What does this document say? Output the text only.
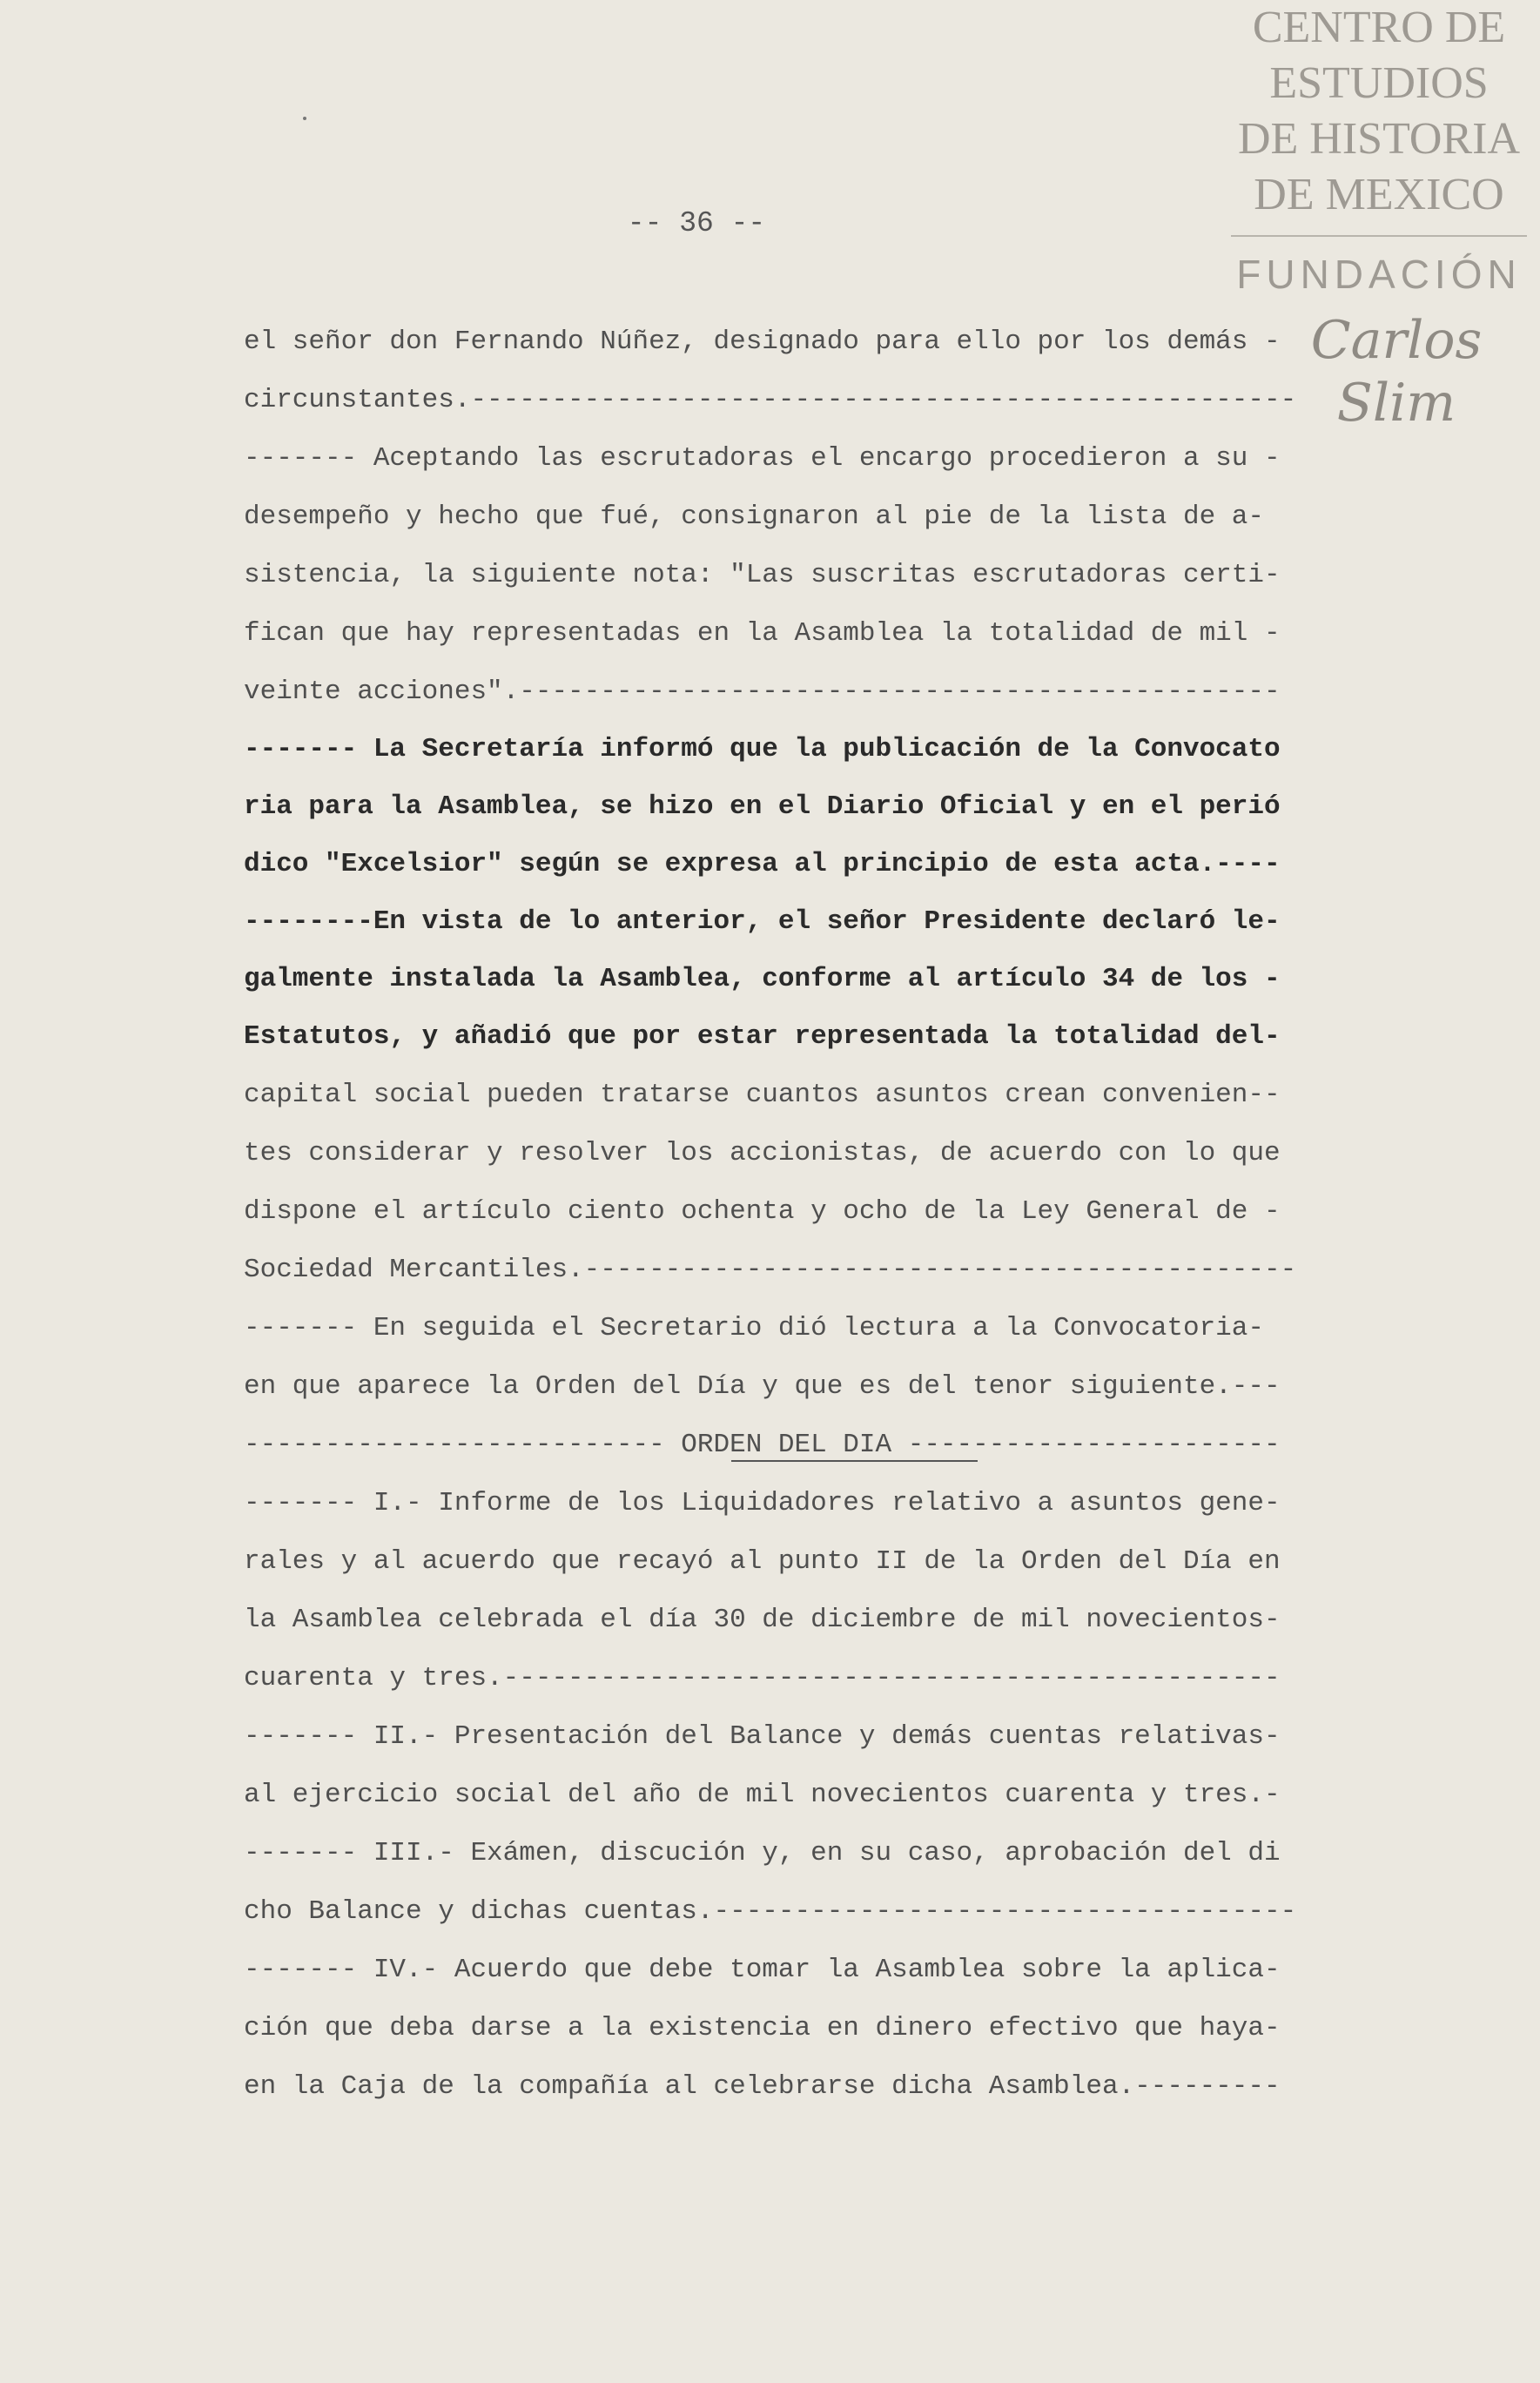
CENTRO DE
ESTUDIOS
DE HISTORIA
DE MEXICO
FUNDACIÓN
Carlos Slim
-- 36 --
el señor don Fernando Núñez, designado para ello por los demás -
circunstantes.---------------------------------------------------
------- Aceptando las escrutadoras el encargo procedieron a su -
desempeño y hecho que fué, consignaron al pie de la lista de a-
sistencia, la siguiente nota: "Las suscritas escrutadoras certi-
fican que hay representadas en la Asamblea la totalidad de mil -
veinte acciones".-----------------------------------------------
------- La Secretaría informó que la publicación de la Convocato
ria para la Asamblea, se hizo en el Diario Oficial y en el perió
dico "Excelsior" según se expresa al principio de esta acta.----
--------En vista de lo anterior, el señor Presidente declaró le-
galmente instalada la Asamblea, conforme al artículo 34 de los -
Estatutos, y añadió que por estar representada la totalidad del-
capital social pueden tratarse cuantos asuntos crean convenien--
tes considerar y resolver los accionistas, de acuerdo con lo que
dispone el artículo ciento ochenta y ocho de la Ley General de -
Sociedad Mercantiles.--------------------------------------------
------- En seguida el Secretario dió lectura a la Convocatoria-
en que aparece la Orden del Día y que es del tenor siguiente.---
-------------------------- ORDEN DEL DIA -----------------------
------- I.- Informe de los Liquidadores relativo a asuntos gene-
rales y al acuerdo que recayó al punto II de la Orden del Día en
la Asamblea celebrada el día 30 de diciembre de mil novecientos-
cuarenta y tres.------------------------------------------------
------- II.- Presentación del Balance y demás cuentas relativas-
al ejercicio social del año de mil novecientos cuarenta y tres.-
------- III.- Exámen, discución y, en su caso, aprobación del di
cho Balance y dichas cuentas.------------------------------------
------- IV.- Acuerdo que debe tomar la Asamblea sobre la aplica-
ción que deba darse a la existencia en dinero efectivo que haya-
en la Caja de la compañía al celebrarse dicha Asamblea.---------
